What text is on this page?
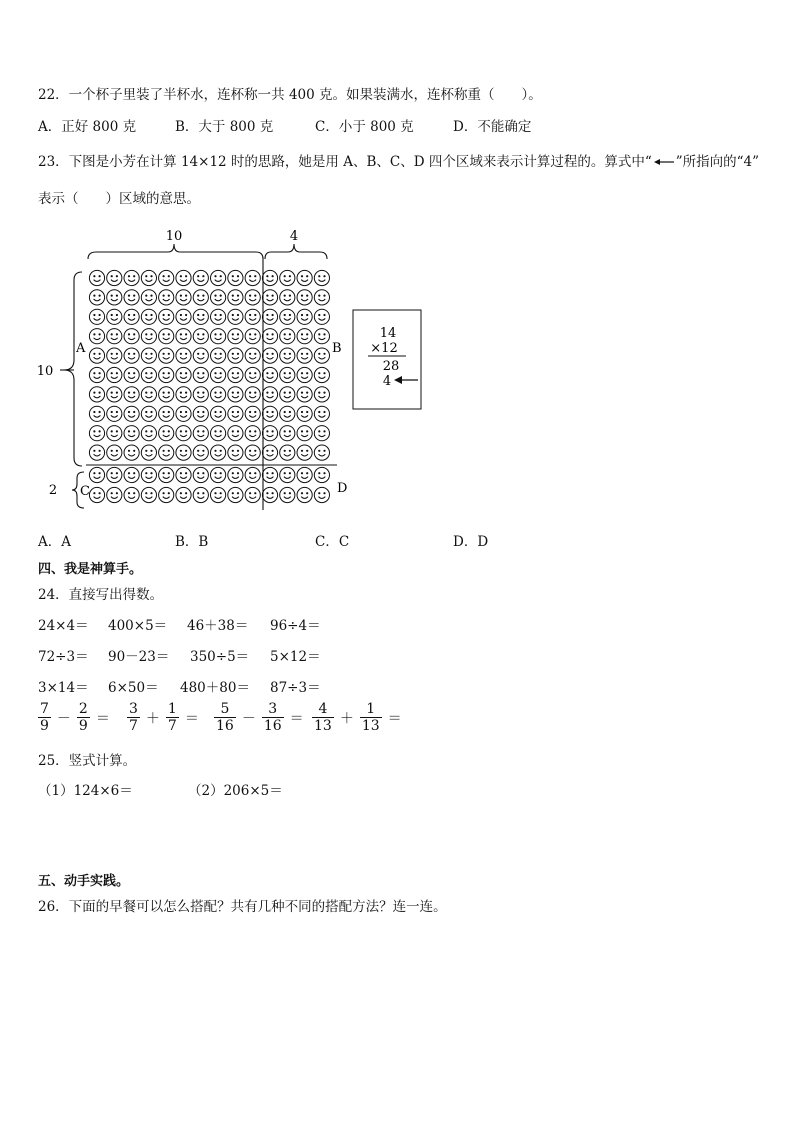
22．一个杯子里装了半杯水，连杯称一共 400 克。如果装满水，连杯称重（　　）。
A．正好 800 克	B．大于 800 克	C．小于 800 克	D．不能确定
23．下图是小芳在计算 14×12 时的思路，她是用 A、B、C、D 四个区域来表示计算过程的。算式中“ ”所指向的“4”
表示（　　）区域的意思。
10	4
10
2
A	B
C	D
14
×12
28
4
A．A	B．B	C．C	D．D
四、我是神算手。
24．直接写出得数。
24×4＝ 400×5＝ 46＋38＝ 96÷4＝
72÷3＝ 90－23＝ 350÷5＝ 5×12＝
3×14＝ 6×50＝ 480＋80＝ 87÷3＝
$\frac{7}{9} - \frac{2}{9} = \frac{3}{7} + \frac{1}{7} = \frac{5}{16} - \frac{3}{16} = \frac{4}{13} + \frac{1}{13}$ ＝
25．竖式计算。
（1）124×6＝	（2）206×5＝
五、动手实践。
26．下面的早餐可以怎么搭配？共有几种不同的搭配方法？连一连。
